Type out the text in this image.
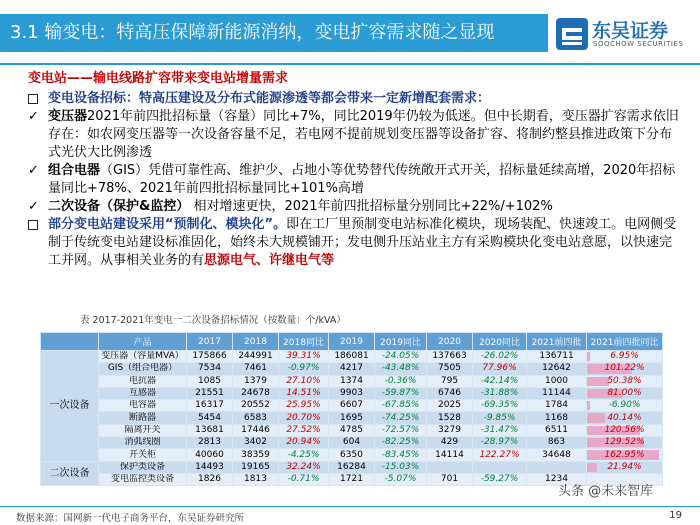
3.1 输变电：特高压保障新能源消纳，变电扩容需求随之显现	东吴证券
SOOCHOW SECURITIES
变电站——输电线路扩容带来变电站增量需求
变电设备招标：特高压建设及分布式能源渗透等都会带来一定新增配套需求：
✓ 变压器2021年前四批招标量（容量）同比+7%，同比2019年仍较为低迷。但中长期看，变压器扩容需求依旧存在：如农网变压器等一次设备容量不足，若电网不提前规划变压器等设备扩容、将制约整县推进政策下分布式光伏大比例渗透
✓ 组合电器（GIS）凭借可靠性高、维护少、占地小等优势替代传统敞开式开关，招标量延续高增，2020年招标量同比+78%、2021年前四批招标量同比+101%高增
✓ 二次设备（保护&监控） 相对增速更快，2021年前四批招标量分别同比+22%/+102%
部分变电站建设采用“预制化、模块化”。即在工厂里预制变电站标准化模块，现场装配、快速竣工。电网侧受制于传统变电站建设标准固化，始终未大规模铺开；发电侧升压站业主方有采购模块化变电站意愿，以快速完工并网。从事相关业务的有思源电气、许继电气等
表 2017-2021年变电一二次设备招标情况（按数量：个/kVA）
	产品	2017	2018	2018同比	2019	2019同比	2020	2020同比	2021前四批	2021前四批同比
一次设备	变压器（容量MVA）	175866	244991	39.31%	186081	-24.05%	137663	-26.02%	136711	6.95%
	GIS（组合电器）	7534	7461	-0.97%	4217	-43.48%	7505	77.96%	12642	101.22%
	电抗器	1085	1379	27.10%	1374	-0.36%	795	-42.14%	1000	50.38%
	互感器	21551	24678	14.51%	9903	-59.87%	6746	-31.88%	11144	81.00%
	电容器	16317	20552	25.95%	6607	-67.85%	2025	-69.35%	1784	-6.90%
	断路器	5454	6583	20.70%	1695	-74.25%	1528	-9.85%	1168	40.14%
	隔离开关	13681	17446	27.52%	4785	-72.57%	3279	-31.47%	6511	120.56%
	消弧线圈	2813	3402	20.94%	604	-82.25%	429	-28.97%	863	129.52%
	开关柜	40060	38359	-4.25%	6350	-83.45%	14114	122.27%	34648	162.95%
二次设备	保护类设备	14493	19165	32.24%	16284	-15.03%				21.94%
	变电监控类设备	1826	1813	-0.71%	1721	-5.07%	701	-59.27%	1234	
头条 @未来智库
数据来源：国网新一代电子商务平台，东吴证券研究所	19
